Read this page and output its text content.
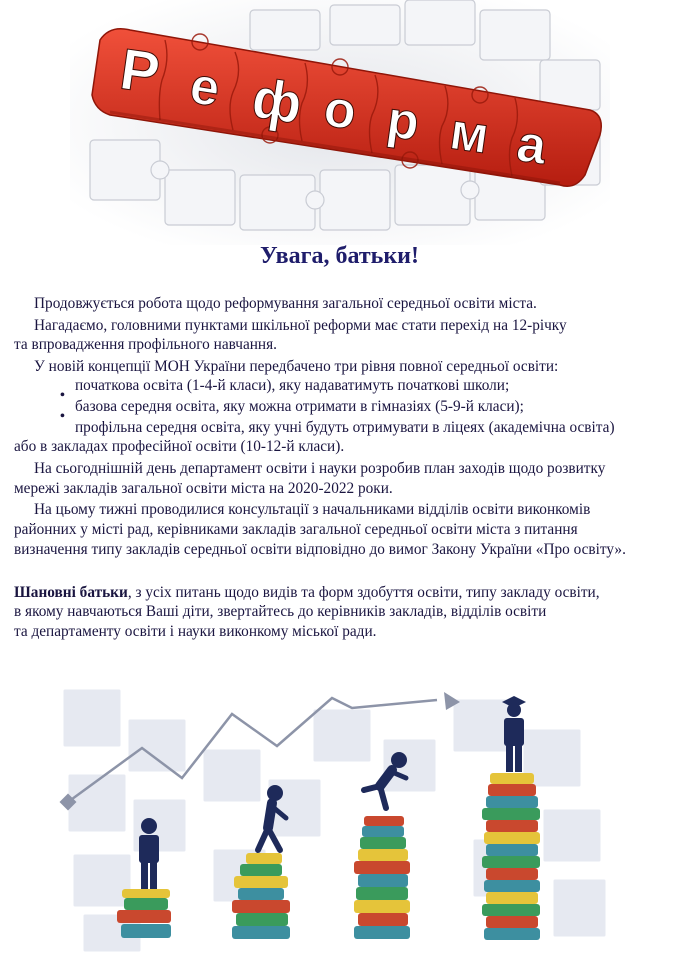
Р е ф о р м а
Увага, батьки!
Продовжується робота щодо реформування загальної середньої освіти міста.
Нагадаємо, головними пунктами шкільної реформи має стати перехід на 12-річку
та впровадження профільного навчання.
У новій концепції МОН України передбачено три рівня повної середньої освіти:
початкова освіта (1-4-й класи), яку надаватимуть початкові школи;
•
базова середня освіта, яку можна отримати в гімназіях (5-9-й класи);
•
профільна середня освіта, яку учні будуть отримувати в ліцеях (академічна освіта)
або в закладах професійної освіти (10-12-й класи).
На сьогоднішній день департамент освіти і науки розробив план заходів щодо розвитку
мережі закладів загальної освіти міста на 2020-2022 роки.
На цьому тижні проводилися консультації з начальниками відділів освіти виконкомів
районних у місті рад, керівниками закладів загальної середньої освіти міста з питання
визначення типу закладів середньої освіти відповідно до вимог Закону України «Про освіту».
Шановні батьки, з усіх питань щодо видів та форм здобуття освіти, типу закладу освіти,
в якому навчаються Ваші діти, звертайтесь до керівників закладів, відділів освіти
та департаменту освіти і науки виконкому міської ради.
